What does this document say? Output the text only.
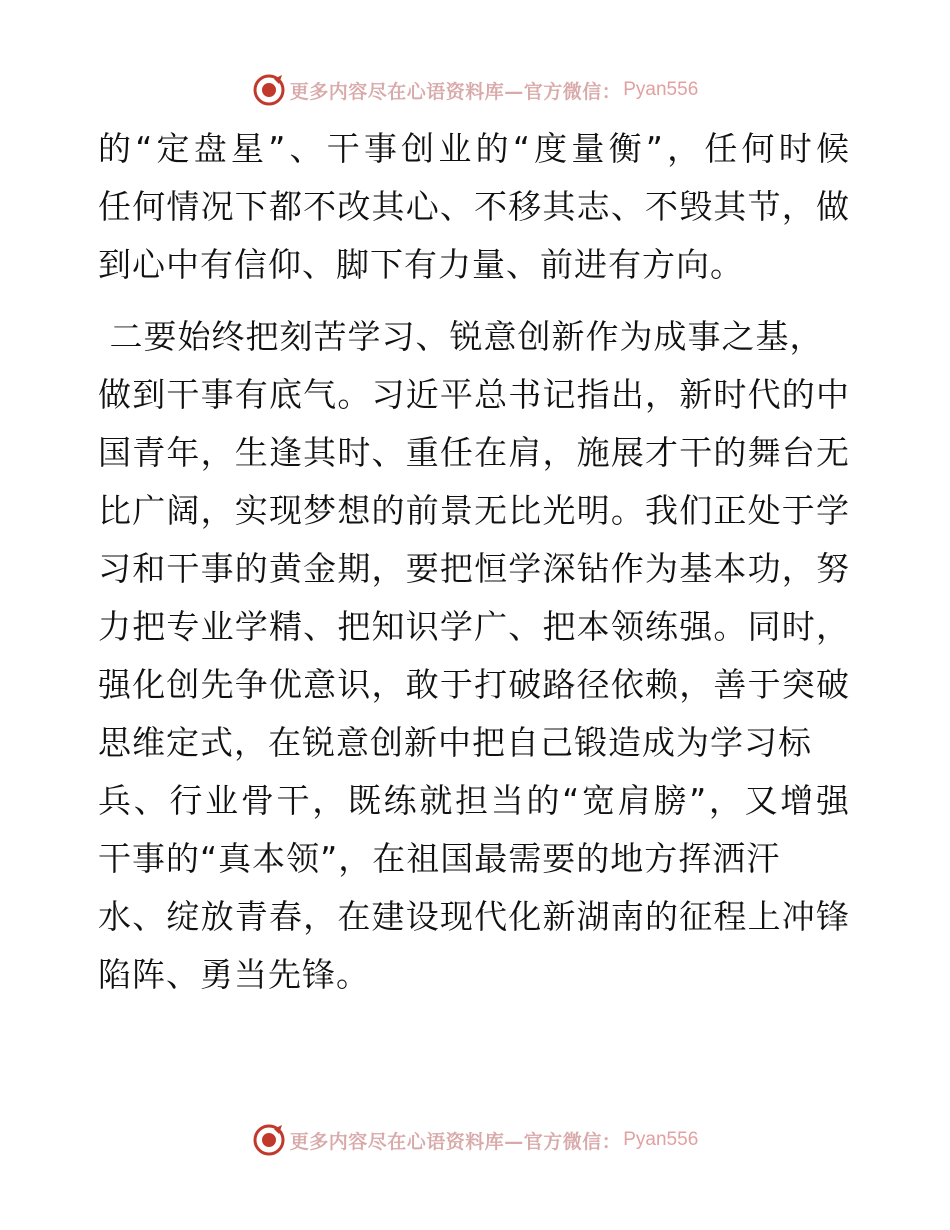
更多内容尽在心语资料库—官方微信： Pyan556
的“定盘星”、干事创业的“度量衡”，任何时候
任何情况下都不改其心、不移其志、不毁其节，做
到心中有信仰、脚下有力量、前进有方向。
二要始终把刻苦学习、锐意创新作为成事之基，
做到干事有底气。习近平总书记指出，新时代的中
国青年，生逢其时、重任在肩，施展才干的舞台无
比广阔，实现梦想的前景无比光明。我们正处于学
习和干事的黄金期，要把恒学深钻作为基本功，努
力把专业学精、把知识学广、把本领练强。同时，
强化创先争优意识，敢于打破路径依赖，善于突破
思维定式，在锐意创新中把自己锻造成为学习标
兵、行业骨干，既练就担当的“宽肩膀”，又增强
干事的“真本领”，在祖国最需要的地方挥洒汗
水、绽放青春，在建设现代化新湖南的征程上冲锋
陷阵、勇当先锋。
更多内容尽在心语资料库—官方微信： Pyan556
